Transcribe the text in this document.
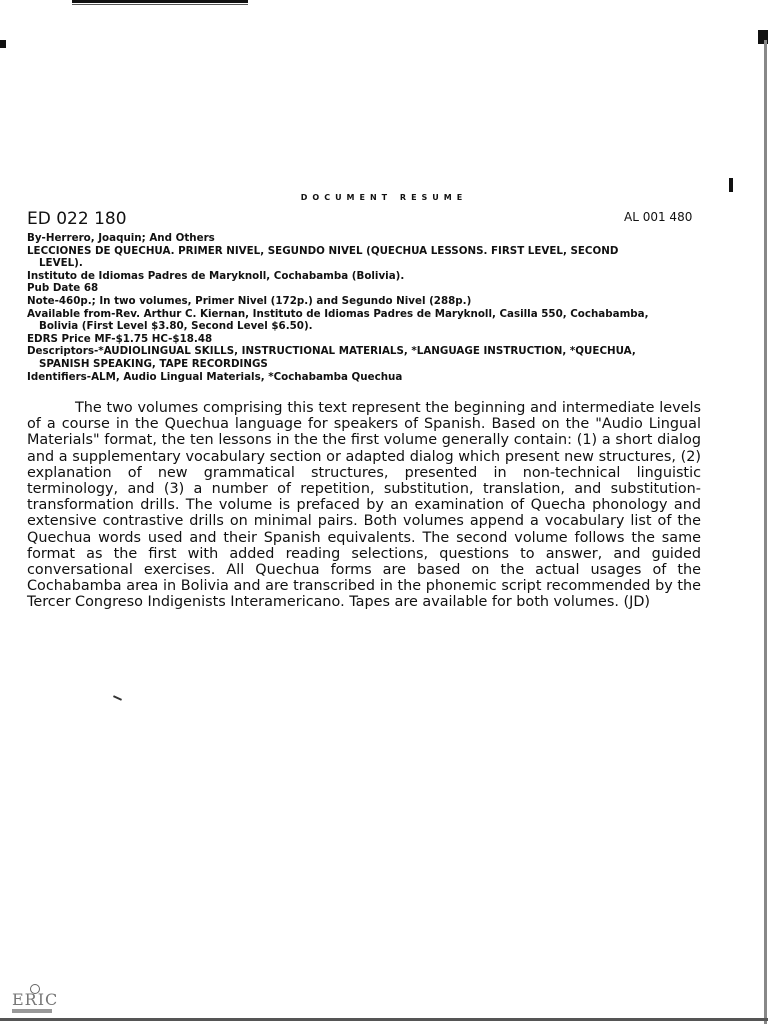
DOCUMENT RESUME
ED 022 180	AL 001 480

By-Herrero, Joaquin; And Others

LECCIONES DE QUECHUA. PRIMER NIVEL, SEGUNDO NIVEL (QUECHUA LESSONS. FIRST LEVEL, SECOND

LEVEL).

Instituto de Idiomas Padres de Maryknoll, Cochabamba (Bolivia).

Pub Date 68

Note-460p.; In two volumes, Primer Nivel (172p.) and Segundo Nivel (288p.)

Available from-Rev. Arthur C. Kiernan, Instituto de Idiomas Padres de Maryknoll, Casilla 550, Cochabamba,

Bolivia (First Level $3.80, Second Level $6.50).

EDRS Price MF-$1.75 HC-$18.48

Descriptors-*AUDIOLINGUAL SKILLS, INSTRUCTIONAL MATERIALS, *LANGUAGE INSTRUCTION, *QUECHUA,

SPANISH SPEAKING, TAPE RECORDINGS

Identifiers-ALM, Audio Lingual Materials, *Cochabamba Quechua

The two volumes comprising this text represent the beginning and intermediate levels of a course in the Quechua language for speakers of Spanish. Based on the "Audio Lingual Materials" format, the ten lessons in the the first volume generally contain: (1) a short dialog and a supplementary vocabulary section or adapted dialog which present new structures, (2) explanation of new grammatical structures, presented in non-technical linguistic terminology, and (3) a number of repetition, substitution, translation, and substitution-transformation drills. The volume is prefaced by an examination of Quecha phonology and extensive contrastive drills on minimal pairs. Both volumes append a vocabulary list of the Quechua words used and their Spanish equivalents. The second volume follows the same format as the first with added reading selections, questions to answer, and guided conversational exercises. All Quechua forms are based on the actual usages of the Cochabamba area in Bolivia and are transcribed in the phonemic script recommended by the Tercer Congreso Indigenists Interamericano. Tapes are available for both volumes. (JD)

ERIC
